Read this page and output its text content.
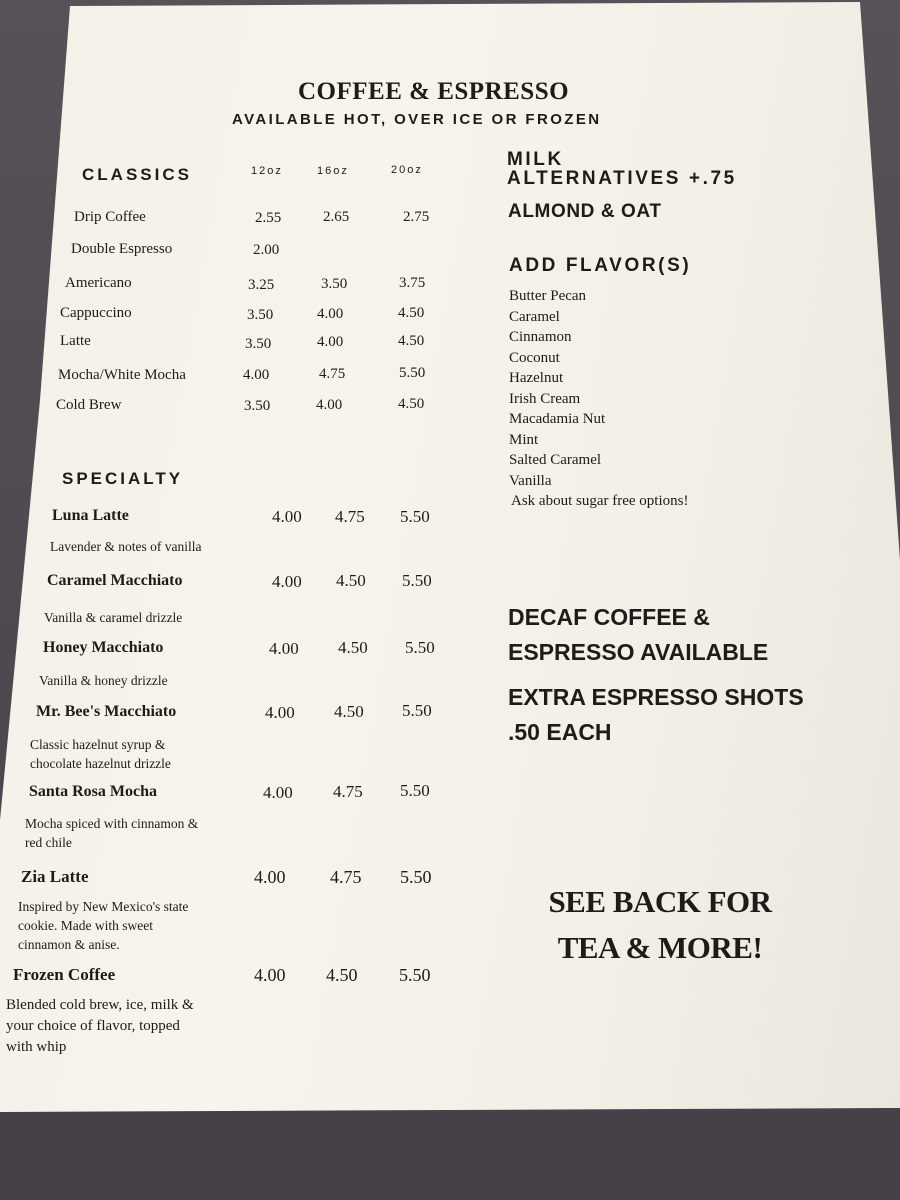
COFFEE & ESPRESSO
AVAILABLE HOT, OVER ICE OR FROZEN
CLASSICS	12oz	16oz	20oz
Drip Coffee	2.55	2.65	2.75
Double Espresso	2.00
Americano	3.25	3.50	3.75
Cappuccino	3.50	4.00	4.50
Latte	3.50	4.00	4.50
Mocha/White Mocha	4.00	4.75	5.50
Cold Brew	3.50	4.00	4.50
SPECIALTY
Luna Latte	4.00 4.75 5.50
Lavender & notes of vanilla
Caramel Macchiato	4.00 4.50 5.50
Vanilla & caramel drizzle
Honey Macchiato	4.00 4.50 5.50
Vanilla & honey drizzle
Mr. Bee's Macchiato	4.00 4.50 5.50
Classic hazelnut syrup & chocolate hazelnut drizzle
Santa Rosa Mocha	4.00 4.75 5.50
Mocha spiced with cinnamon & red chile
Zia Latte	4.00 4.75 5.50
Inspired by New Mexico's state cookie. Made with sweet cinnamon & anise.
Frozen Coffee	4.00 4.50 5.50
Blended cold brew, ice, milk & your choice of flavor, topped with whip
MILK
ALTERNATIVES +.75
ALMOND & OAT
ADD FLAVOR(S)
Butter Pecan
Caramel
Cinnamon
Coconut
Hazelnut
Irish Cream
Macadamia Nut
Mint
Salted Caramel
Vanilla
Ask about sugar free options!
DECAF COFFEE &
ESPRESSO AVAILABLE
EXTRA ESPRESSO SHOTS
.50 EACH
SEE BACK FOR
TEA & MORE!
